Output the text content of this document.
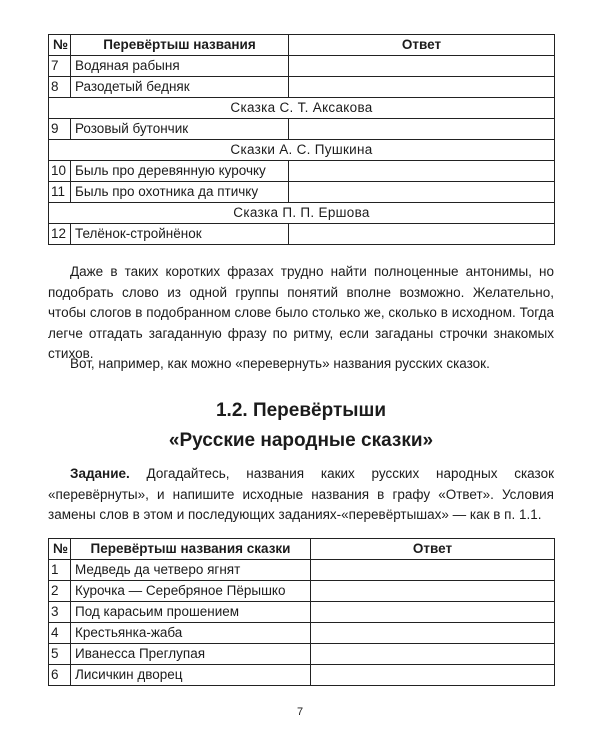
№	Перевёртыш названия	Ответ
7	Водяная рабыня	
8	Разодетый бедняк	
Сказка С. Т. Аксакова		
9	Розовый бутончик	
Сказки А. С. Пушкина		
10	Быль про деревянную курочку	
11	Быль про охотника да птичку	
Сказка П. П. Ершова		
12	Телёнок-стройнёнок	

Даже в таких коротких фразах трудно найти полноценные антонимы, но подобрать слово из одной группы понятий вполне возможно. Желательно, чтобы слогов в подобранном слове было столько же, сколько в исходном. Тогда легче отгадать загаданную фразу по ритму, если загаданы строчки знакомых стихов.

Вот, например, как можно «перевернуть» названия русских сказок.

1.2. Перевёртыши
«Русские народные сказки»

Задание. Догадайтесь, названия каких русских народных сказок «перевёрнуты», и напишите исходные названия в графу «Ответ». Условия замены слов в этом и последующих заданиях-«перевёртышах» — как в п. 1.1.

№	Перевёртыш названия сказки	Ответ
1	Медведь да четверо ягнят	
2	Курочка — Серебряное Пёрышко	
3	Под карасьим прошением	
4	Крестьянка-жаба	
5	Иванесса Преглупая	
6	Лисичкин дворец	
7
